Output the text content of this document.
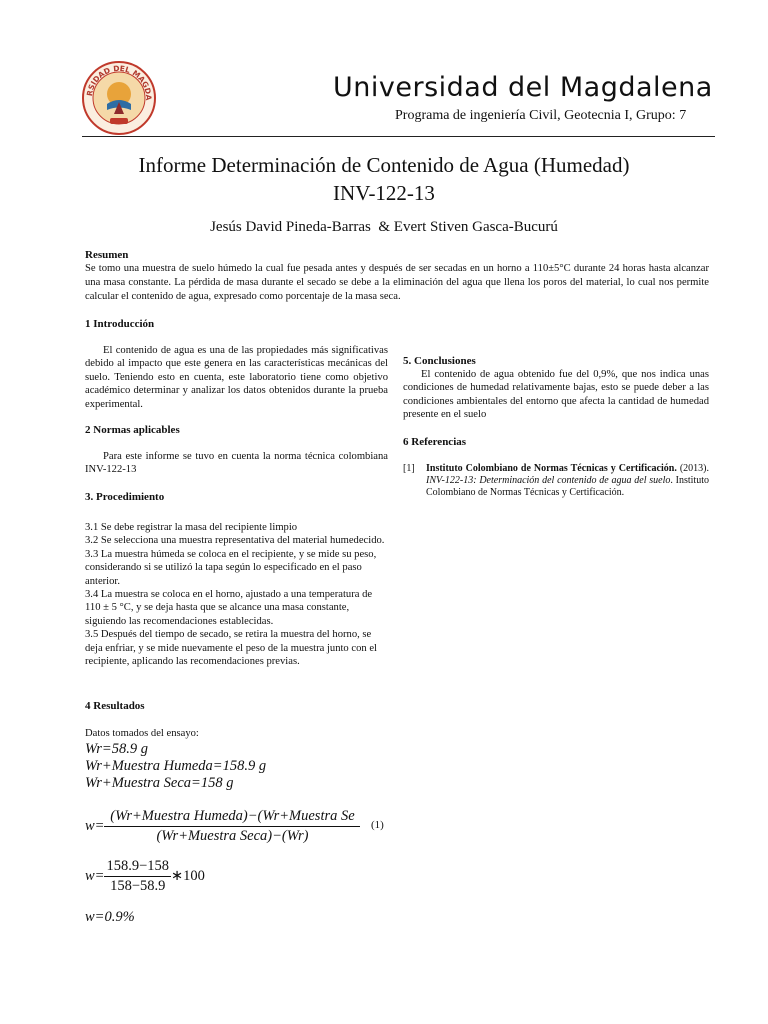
RSIDAD DEL MAGDA	Universidad del Magdalena
Programa de ingeniería Civil, Geotecnia I, Grupo: 7
Informe Determinación de Contenido de Agua (Humedad)
INV-122-13
Jesús David Pineda-Barras  & Evert Stiven Gasca-Bucurú
Resumen
Se tomo una muestra de suelo húmedo la cual fue pesada antes y después de ser secadas en un horno a 110±5°C durante 24 horas hasta alcanzar una masa constante. La pérdida de masa durante el secado se debe a la eliminación del agua que llena los poros del material, lo cual nos permite calcular el contenido de agua, expresado como porcentaje de la masa seca.
1 Introducción
El contenido de agua es una de las propiedades más significativas debido al impacto que este genera en las características mecánicas del suelo. Teniendo esto en cuenta, este laboratorio tiene como objetivo académico determinar y analizar los datos obtenidos durante la prueba experimental.
2 Normas aplicables
Para este informe se tuvo en cuenta la norma técnica colombiana INV-122-13
3. Procedimiento
3.1 Se debe registrar la masa del recipiente limpio
3.2 Se selecciona una muestra representativa del material humedecido.
3.3 La muestra húmeda se coloca en el recipiente, y se mide su peso, considerando si se utilizó la tapa según lo especificado en el paso anterior.
3.4 La muestra se coloca en el horno, ajustado a una temperatura de 110 ± 5 °C, y se deja hasta que se alcance una masa constante, siguiendo las recomendaciones establecidas.
3.5 Después del tiempo de secado, se retira la muestra del horno, se deja enfriar, y se mide nuevamente el peso de la muestra junto con el recipiente, aplicando las recomendaciones previas.
4 Resultados
Datos tomados del ensayo:
Wr=58.9 g
Wr+Muestra Humeda=158.9 g
Wr+Muestra Seca=158 g
$w= \frac{\text{(Wr+Muestra Humeda)−(Wr+Muestra Se}}{\text{(Wr+Muestra Seca)−(Wr)}} (1)$
$w= \frac{158.9-158}{158-58.9}$ ∗100
w=0.9%
5. Conclusiones
El contenido de agua obtenido fue del 0,9%, que nos indica unas condiciones de humedad relativamente bajas, esto se puede deber a las condiciones ambientales del entorno que afecta la cantidad de humedad presente en el suelo
6 Referencias
[1] Instituto Colombiano de Normas Técnicas y Certificación. (2013). INV-122-13: Determinación del contenido de agua del suelo. Instituto Colombiano de Normas Técnicas y Certificación.
